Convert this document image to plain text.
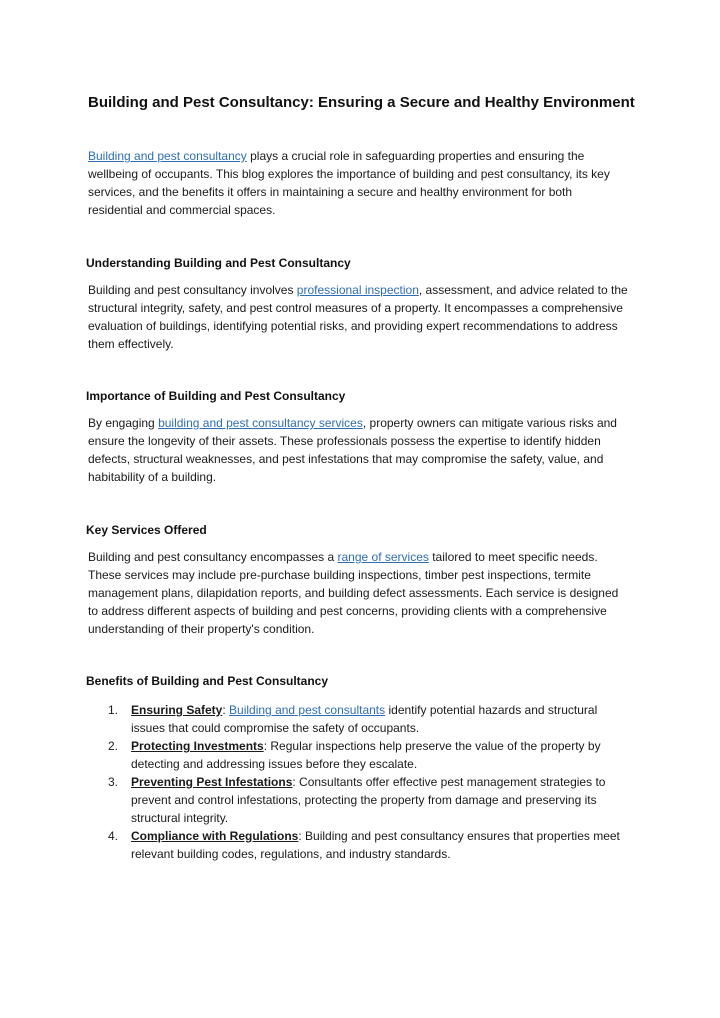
Building and Pest Consultancy: Ensuring a Secure and Healthy Environment

Building and pest consultancy plays a crucial role in safeguarding properties and ensuring the wellbeing of occupants. This blog explores the importance of building and pest consultancy, its key services, and the benefits it offers in maintaining a secure and healthy environment for both residential and commercial spaces.

Understanding Building and Pest Consultancy

Building and pest consultancy involves professional inspection, assessment, and advice related to the structural integrity, safety, and pest control measures of a property. It encompasses a comprehensive evaluation of buildings, identifying potential risks, and providing expert recommendations to address them effectively.

Importance of Building and Pest Consultancy

By engaging building and pest consultancy services, property owners can mitigate various risks and ensure the longevity of their assets. These professionals possess the expertise to identify hidden defects, structural weaknesses, and pest infestations that may compromise the safety, value, and habitability of a building.

Key Services Offered

Building and pest consultancy encompasses a range of services tailored to meet specific needs. These services may include pre-purchase building inspections, timber pest inspections, termite management plans, dilapidation reports, and building defect assessments. Each service is designed to address different aspects of building and pest concerns, providing clients with a comprehensive understanding of their property's condition.

Benefits of Building and Pest Consultancy
1. Ensuring Safety: Building and pest consultants identify potential hazards and structural issues that could compromise the safety of occupants.
2. Protecting Investments: Regular inspections help preserve the value of the property by detecting and addressing issues before they escalate.
3. Preventing Pest Infestations: Consultants offer effective pest management strategies to prevent and control infestations, protecting the property from damage and preserving its structural integrity.
4. Compliance with Regulations: Building and pest consultancy ensures that properties meet relevant building codes, regulations, and industry standards.
